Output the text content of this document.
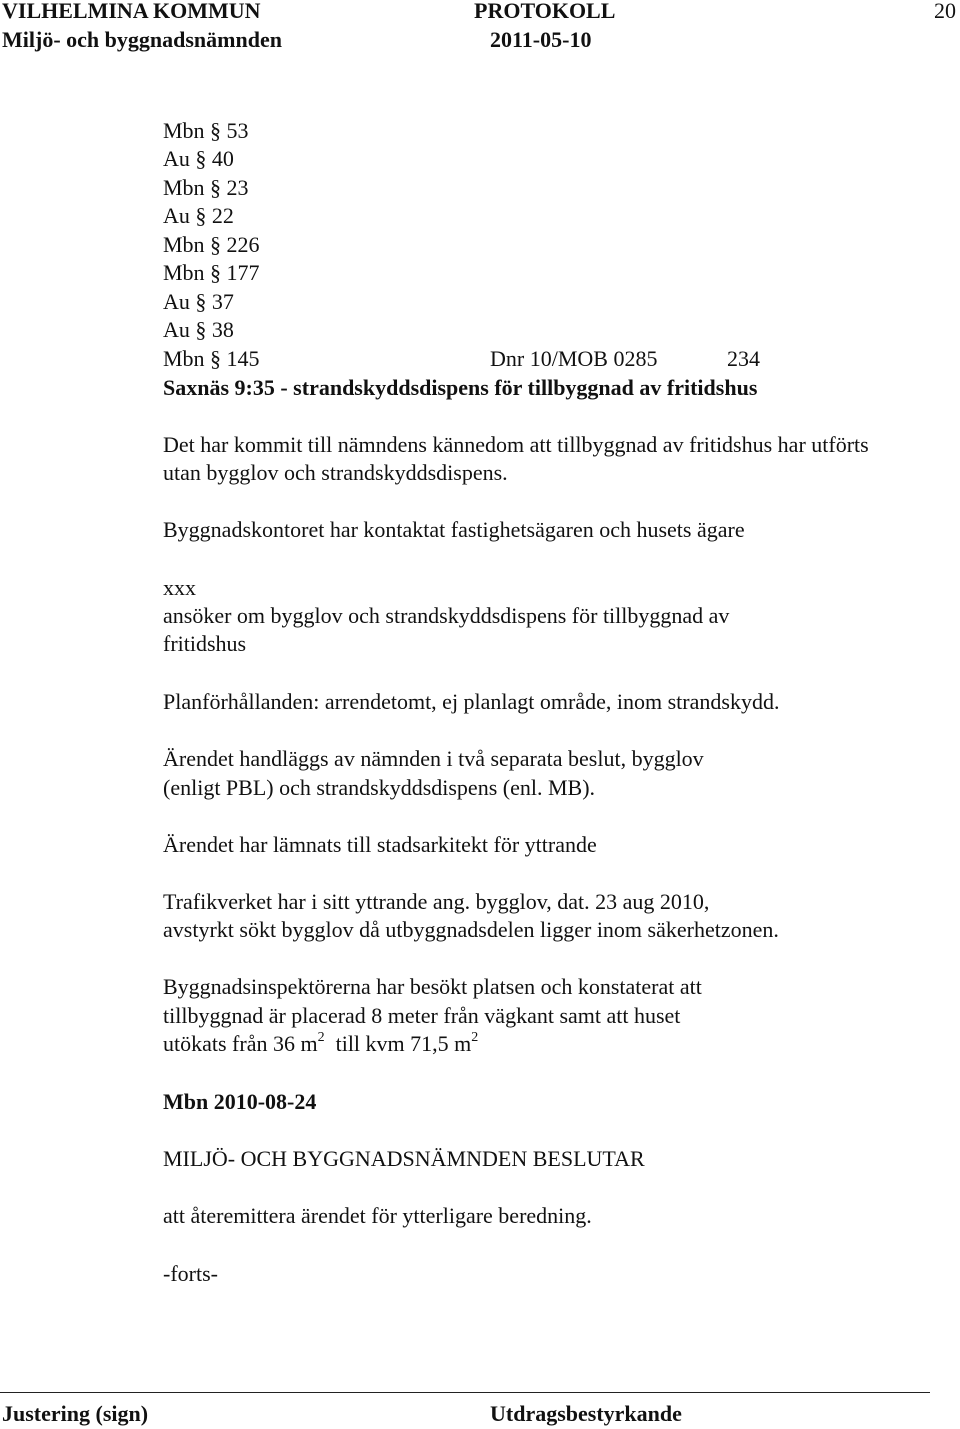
VILHELMINA KOMMUN	PROTOKOLL	20
Miljö- och byggnadsnämnden	2011-05-10
Mbn § 53
Au § 40
Mbn § 23
Au § 22
Mbn § 226
Mbn § 177
Au § 37
Au § 38
Mbn § 145	Dnr 10/MOB 0285	234
Saxnäs 9:35 - strandskyddsdispens för tillbyggnad av fritidshus
Det har kommit till nämndens kännedom att tillbyggnad av fritidshus har utförts
utan bygglov och strandskyddsdispens.
Byggnadskontoret har kontaktat fastighetsägaren och husets ägare
xxx
ansöker om bygglov och strandskyddsdispens för tillbyggnad av
fritidshus
Planförhållanden: arrendetomt, ej planlagt område, inom strandskydd.
Ärendet handläggs av nämnden i två separata beslut, bygglov
(enligt PBL) och strandskyddsdispens (enl. MB).
Ärendet har lämnats till stadsarkitekt för yttrande
Trafikverket har i sitt yttrande ang. bygglov, dat. 23 aug 2010,
avstyrkt sökt bygglov då utbyggnadsdelen ligger inom säkerhetzonen.
Byggnadsinspektörerna har besökt platsen och konstaterat att
tillbyggnad är placerad 8 meter från vägkant samt att huset
utökats från 36 $m^2$  till kvm 71,5 $m^2$
Mbn 2010-08-24
MILJÖ- OCH BYGGNADSNÄMNDEN BESLUTAR
att återemittera ärendet för ytterligare beredning.
-forts-
Justering (sign)	Utdragsbestyrkande
